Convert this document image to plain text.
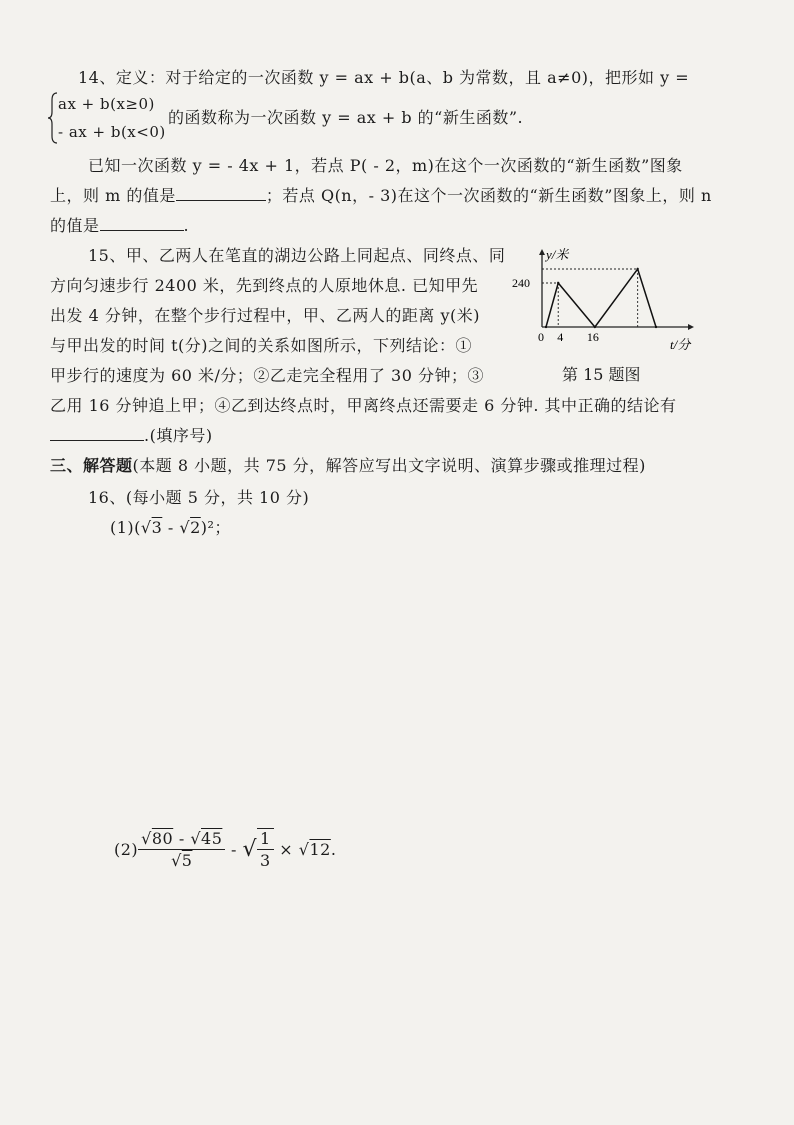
14、定义：对于给定的一次函数 y = ax + b(a、b 为常数，且 a≠0)，把形如 y =
ax + b(x≥0)
- ax + b(x<0)
的函数称为一次函数 y = ax + b 的“新生函数”.
已知一次函数 y = - 4x + 1，若点 P( - 2，m)在这个一次函数的“新生函数”图象
上，则 m 的值是	；若点 Q(n，- 3)在这个一次函数的“新生函数”图象上，则 n
的值是	.
15、甲、乙两人在笔直的湖边公路上同起点、同终点、同
方向匀速步行 2400 米，先到终点的人原地休息. 已知甲先
出发 4 分钟，在整个步行过程中，甲、乙两人的距离 y(米)
与甲出发的时间 t(分)之间的关系如图所示，下列结论：①
甲步行的速度为 60 米/分；②乙走完全程用了 30 分钟；③
乙用 16 分钟追上甲；④乙到达终点时，甲离终点还需要走 6 分钟. 其中正确的结论有
.(填序号)
y/米
t/分
240
0 4 16
第 15 题图
三、解答题(本题 8 小题，共 75 分，解答应写出文字说明、演算步骤或推理过程)
16、(每小题 5 分，共 10 分)
(1)(√3 - √2)²；
$(2) \frac{√80 - √45}{√5}$ - √ $\frac{1}{3} \times √12$.
